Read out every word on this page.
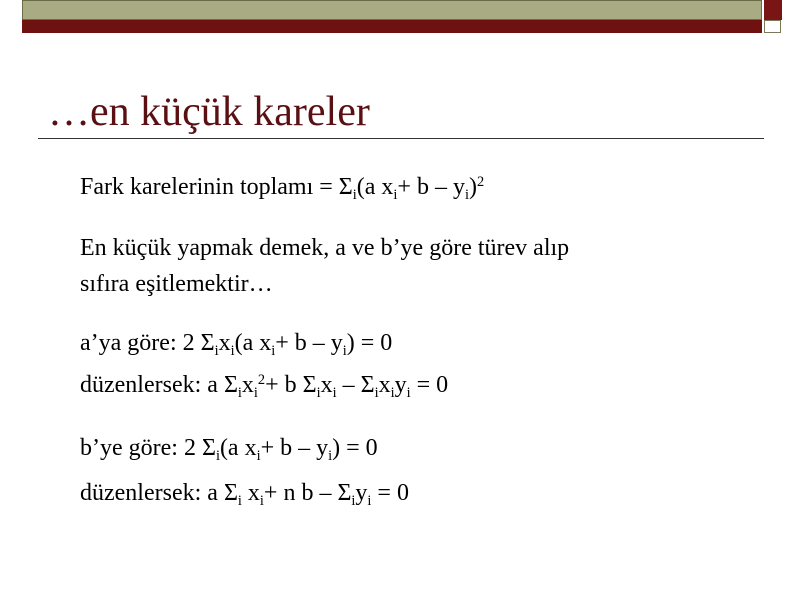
…en küçük kareler
Fark karelerinin toplamı = $\Sigma_i(a$ $x_i+ b - y_i)^2$
En küçük yapmak demek, a ve b’ye göre türev alıp
sıfıra eşitlemektir…
a’ya göre: 2 $\Sigma_ix_i(a$ $x_i+ b - y_i) = 0$
düzenlersek: a $\Sigma_ix_i^2+ b$ $\Sigma_ix_i - \Sigma_ix_iy_i = 0$
b’ye göre: 2 $\Sigma_i(a$ $x_i+ b - y_i) = 0$
düzenlersek: a $\Sigma_i$ $x_i+ n$ $b - \Sigma_iy_i = 0$
